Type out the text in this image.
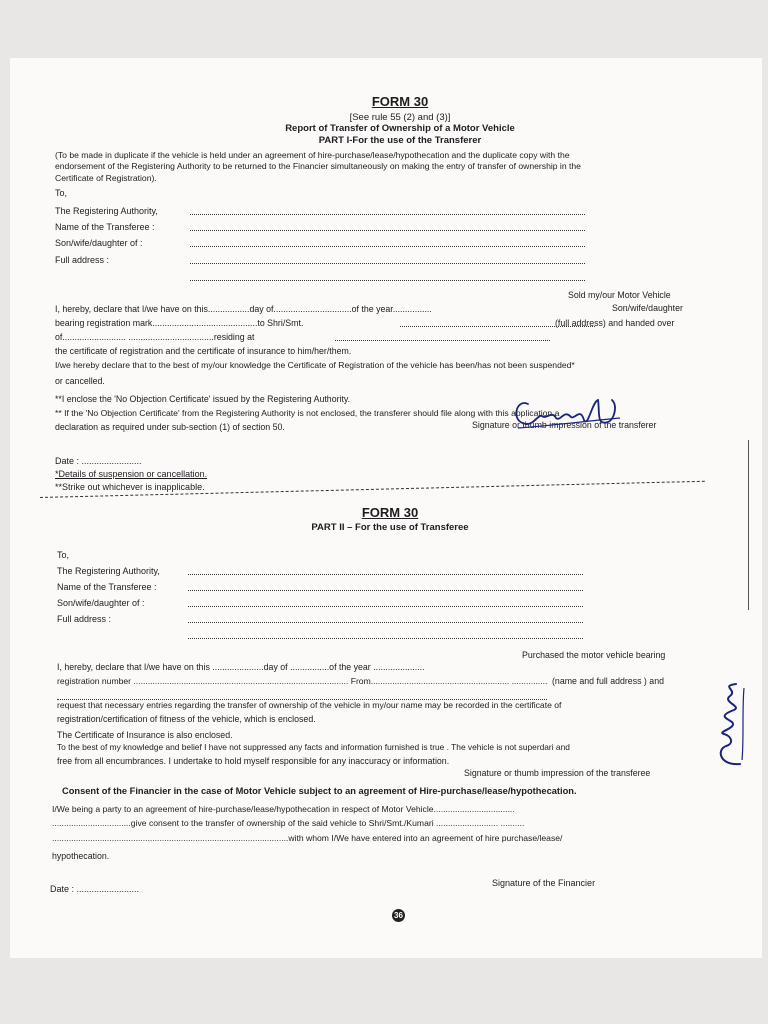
FORM 30
[See rule 55 (2) and (3)]
Report of Transfer of Ownership of a Motor Vehicle
PART I-For the use of the Transferer
(To be made in duplicate if the vehicle is held under an agreement of hire-purchase/lease/hypothecation and the duplicate copy with the
endorsement of the Registering Authority to be returned to the Financier simultaneously on making the entry of transfer of ownership in the
Certificate of Registration).
To,
The Registering Authority,
Name of the Transferee :
Son/wife/daughter of :
Full address :
I, hereby, declare that I/we have on this.................day of................................of the year................
Sold my/our Motor Vehicle
bearing registration mark...........................................to Shri/Smt.
Son/wife/daughter
of.......................... ...................................residing at
(full address) and handed over
the certificate of registration and the certificate of insurance to him/her/them.
I/we hereby declare that to the best of my/our knowledge the Certificate of Registration of the vehicle has been/has not been suspended*
or cancelled.
**I enclose the 'No Objection Certificate' issued by the Registering Authority.
** If the 'No Objection Certificate' from the Registering Authority is not enclosed, the transferer should file along with this application a
declaration as required under sub-section (1) of section 50.	Signature or thumb impression of the transferer
Date : ........................
*Details of suspension or cancellation.
**Strike out whichever is inapplicable.
FORM 30
PART II – For the use of Transferee
To,
The Registering Authority,
Name of the Transferee :
Son/wife/daughter of :
Full address :
I, hereby, declare that I/we have on this .....................day of ................of the year .....................
Purchased the motor vehicle bearing
registration number .......................................................................................... From.......................................................... ............... (name and full address ) and
request that necessary entries regarding the transfer of ownership of the vehicle in my/our name may be recorded in the certificate of
registration/certification of fitness of the vehicle, which is enclosed.
The Certificate of Insurance is also enclosed.
To the best of my knowledge and belief I have not suppressed any facts and information furnished is true . The vehicle is not superdari and
free from all encumbrances. I undertake to hold myself responsible for any inaccuracy or information.
Signature or thumb impression of the transferee
Consent of the Financier in the case of Motor Vehicle subject to an agreement of Hire-purchase/lease/hypothecation.
I/We being a party to an agreement of hire-purchase/lease/hypothecation in respect of Motor Vehicle..................................
.................................give consent to the transfer of ownership of the said vehicle to Shri/Smt./Kumari .......................... ..........
...................................................................................................with whom I/We have entered into an agreement of hire purchase/lease/
hypothecation.
Date : .........................
Signature of the Financier
36
